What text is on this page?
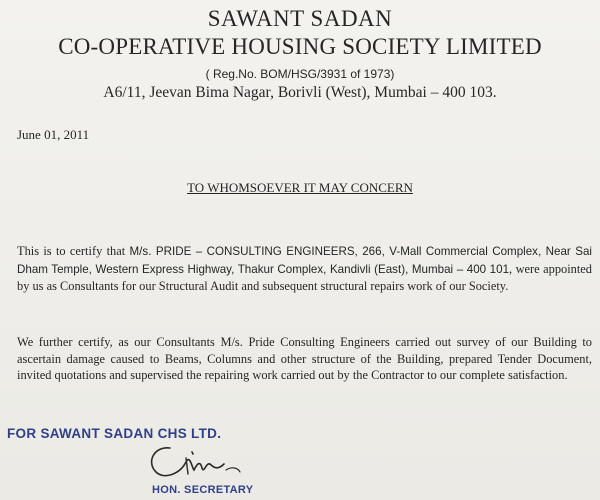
SAWANT SADAN
CO-OPERATIVE HOUSING SOCIETY LIMITED
( Reg.No. BOM/HSG/3931 of 1973)
A6/11, Jeevan Bima Nagar, Borivli (West), Mumbai – 400 103.
June 01, 2011
TO WHOMSOEVER IT MAY CONCERN
This is to certify that M/s. PRIDE – CONSULTING ENGINEERS, 266, V-Mall Commercial Complex, Near Sai Dham Temple, Western Express Highway, Thakur Complex, Kandivli (East), Mumbai – 400 101, were appointed by us as Consultants for our Structural Audit and subsequent structural repairs work of our Society.
We further certify, as our Consultants M/s. Pride Consulting Engineers carried out survey of our Building to ascertain damage caused to Beams, Columns and other structure of the Building, prepared Tender Document, invited quotations and supervised the repairing work carried out by the Contractor to our complete satisfaction.
FOR SAWANT SADAN CHS LTD.
HON. SECRETARY
